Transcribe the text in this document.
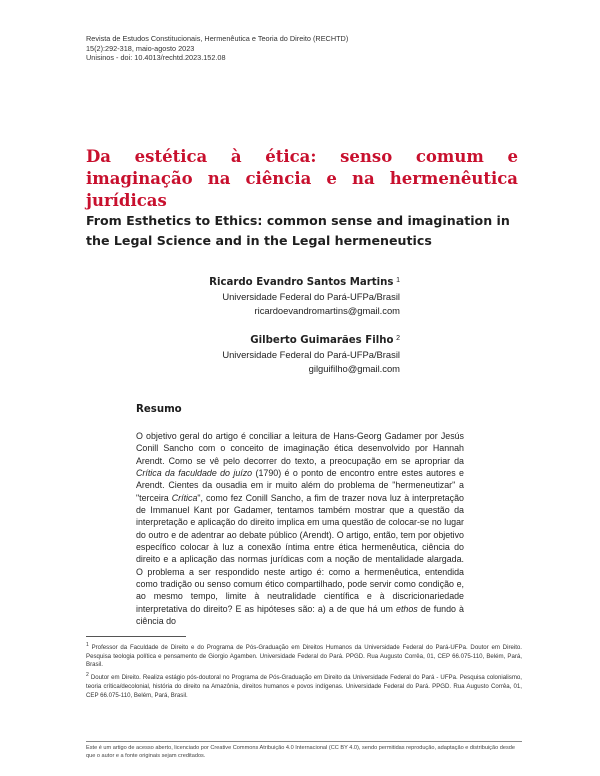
Revista de Estudos Constitucionais, Hermenêutica e Teoria do Direito (RECHTD)
15(2):292-318, maio-agosto 2023
Unisinos - doi: 10.4013/rechtd.2023.152.08
Da estética à ética: senso comum e imaginação na ciência e na hermenêutica jurídicas
From Esthetics to Ethics: common sense and imagination in the Legal Science and in the Legal hermeneutics
Ricardo Evandro Santos Martins $^1$
Universidade Federal do Pará-UFPa/Brasil
ricardoevandromartins@gmail.com
Gilberto Guimarães Filho $^2$
Universidade Federal do Pará-UFPa/Brasil
gilguifilho@gmail.com
Resumo

O objetivo geral do artigo é conciliar a leitura de Hans-Georg Gadamer por Jesús Conill Sancho com o conceito de imaginação ética desenvolvido por Hannah Arendt. Como se vê pelo decorrer do texto, a preocupação em se apropriar da Crítica da faculdade do juízo (1790) é o ponto de encontro entre estes autores e Arendt. Cientes da ousadia em ir muito além do problema de "hermeneutizar" a "terceira Crítica", como fez Conill Sancho, a fim de trazer nova luz à interpretação de Immanuel Kant por Gadamer, tentamos também mostrar que a questão da interpretação e aplicação do direito implica em uma questão de colocar-se no lugar do outro e de adentrar ao debate público (Arendt). O artigo, então, tem por objetivo específico colocar à luz a conexão íntima entre ética hermenêutica, ciência do direito e a aplicação das normas jurídicas com a noção de mentalidade alargada. O problema a ser respondido neste artigo é: como a hermenêutica, entendida como tradição ou senso comum ético compartilhado, pode servir como condição e, ao mesmo tempo, limite à neutralidade científica e à discricionariedade interpretativa do direito? E as hipóteses são: a) a de que há um ethos de fundo à ciência do

$^1$ Professor da Faculdade de Direito e do Programa de Pós-Graduação em Direitos Humanos da Universidade Federal do Pará-UFPa. Doutor em Direito. Pesquisa teologia política e pensamento de Giorgio Agamben. Universidade Federal do Pará. PPGD. Rua Augusto Corrêa, 01, CEP 66.075-110, Belém, Pará, Brasil.

$^2$ Doutor em Direito. Realiza estágio pós-doutoral no Programa de Pós-Graduação em Direito da Universidade Federal do Pará - UFPa. Pesquisa colonialismo, teoria crítica/decolonial, história do direito na Amazônia, direitos humanos e povos indígenas. Universidade Federal do Pará. PPGD. Rua Augusto Corrêa, 01, CEP 66.075-110, Belém, Pará, Brasil.

Este é um artigo de acesso aberto, licenciado por Creative Commons Atribuição 4.0 Internacional (CC BY 4.0), sendo permitidas reprodução, adaptação e distribuição desde que o autor e a fonte originais sejam creditados.
